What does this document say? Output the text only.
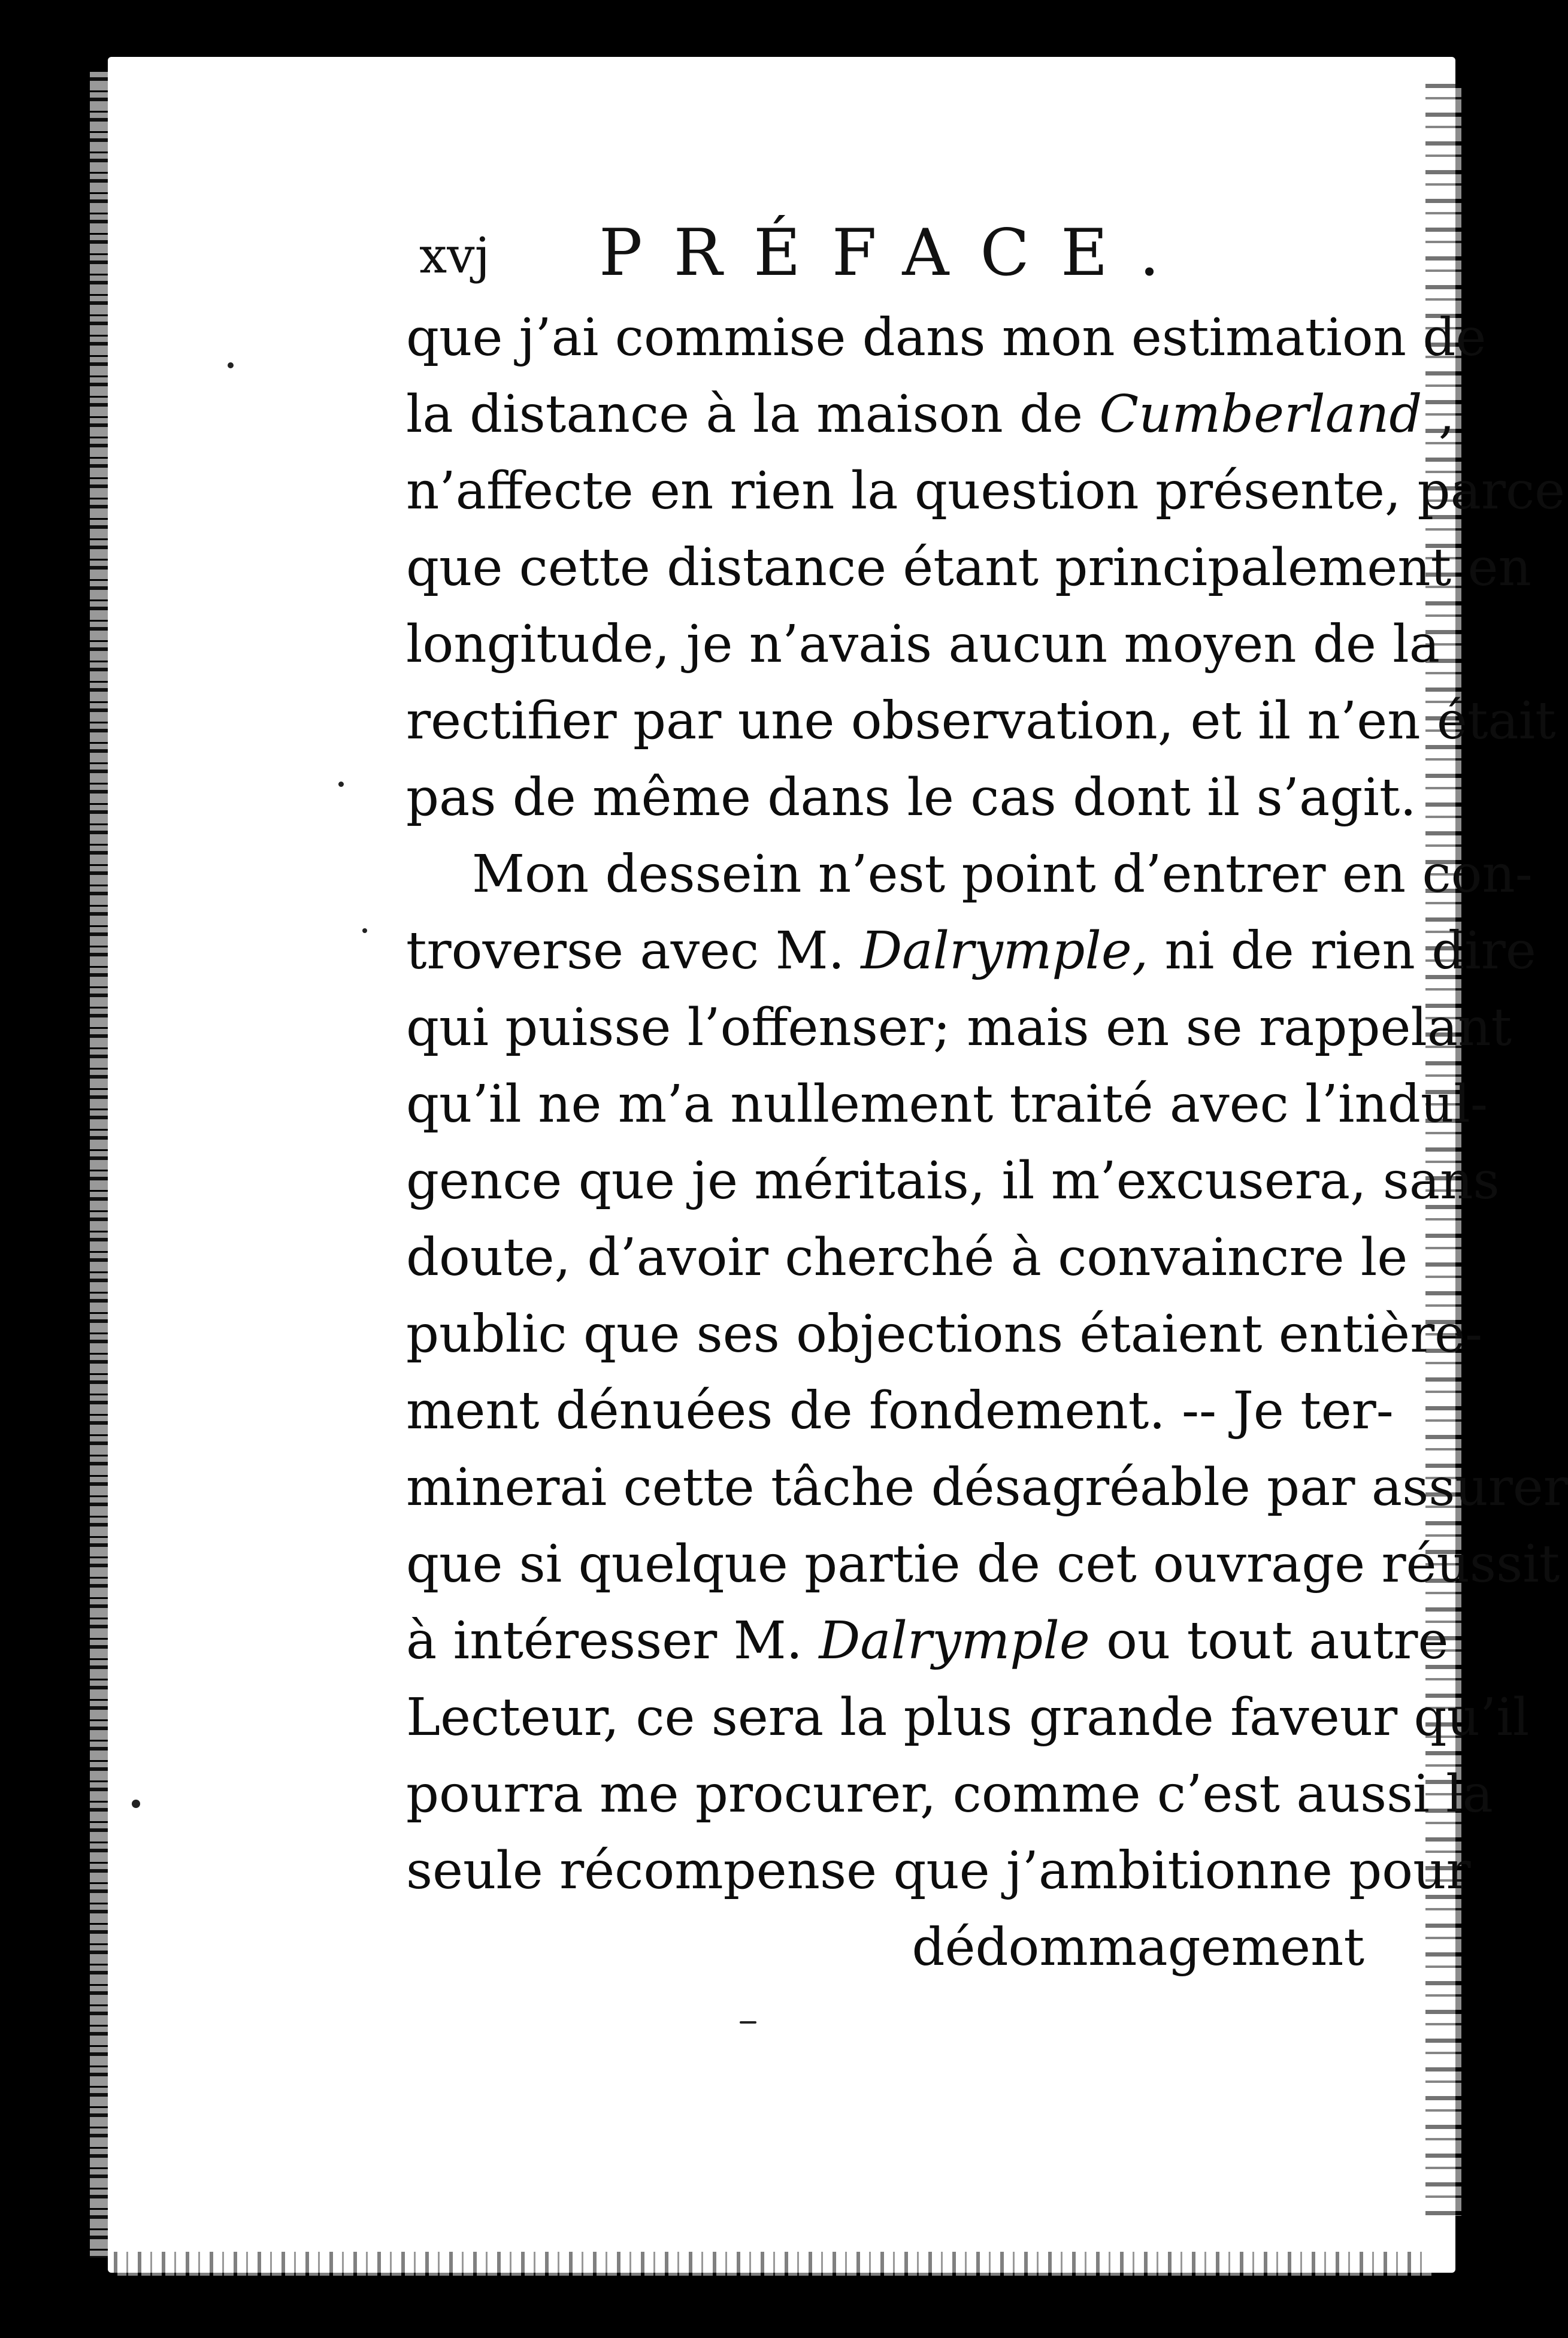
xvj PRÉFACE.
que j’ai commise dans mon estimation de
la distance à la maison de Cumberland ,
n’affecte en rien la question présente, parce
que cette distance étant principalement en
longitude, je n’avais aucun moyen de la
rectifier par une observation, et il n’en était
pas de même dans le cas dont il s’agit.
Mon dessein n’est point d’entrer en con-
troverse avec M. Dalrymple, ni de rien dire
qui puisse l’offenser; mais en se rappelant
qu’il ne m’a nullement traité avec l’indul-
gence que je méritais, il m’excusera, sans
doute, d’avoir cherché à convaincre le
public que ses objections étaient entière-
ment dénuées de fondement. -- Je ter-
minerai cette tâche désagréable par assurer
que si quelque partie de cet ouvrage réussit
à intéresser M. Dalrymple ou tout autre
Lecteur, ce sera la plus grande faveur qu’il
pourra me procurer, comme c’est aussi la
seule récompense que j’ambitionne pour
dédommagement
